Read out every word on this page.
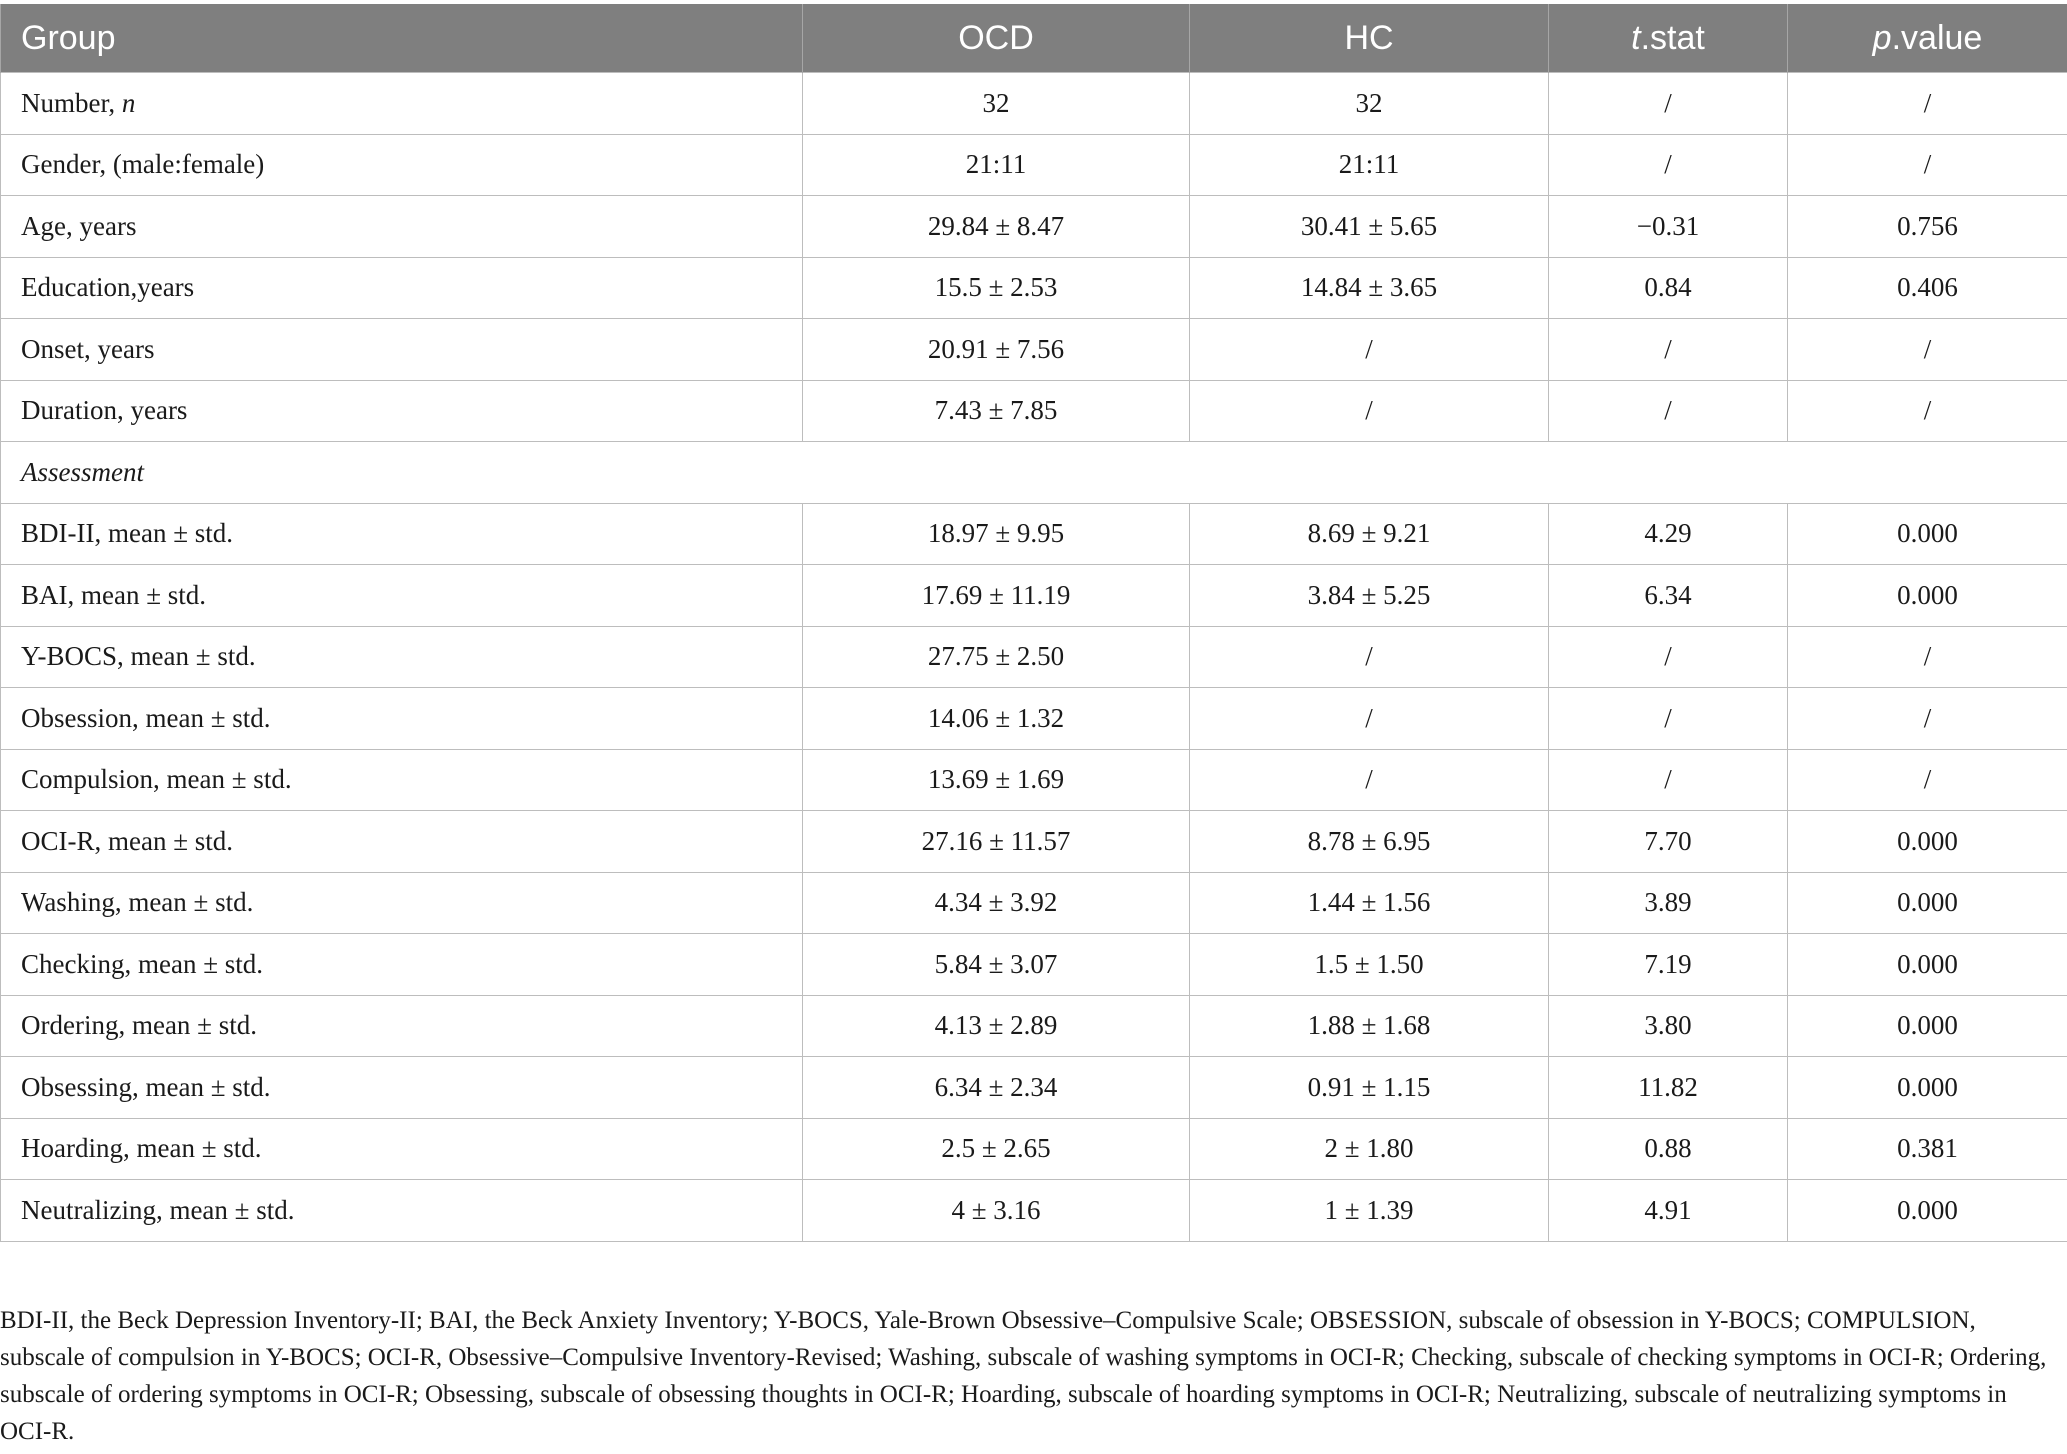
Group	OCD	HC	t.stat	p.value
Number, n	32	32	/	/
Gender, (male:female)	21:11	21:11	/	/
Age, years	29.84 ± 8.47	30.41 ± 5.65	−0.31	0.756
Education,years	15.5 ± 2.53	14.84 ± 3.65	0.84	0.406
Onset, years	20.91 ± 7.56	/	/	/
Duration, years	7.43 ± 7.85	/	/	/
Assessment				
BDI-II, mean ± std.	18.97 ± 9.95	8.69 ± 9.21	4.29	0.000
BAI, mean ± std.	17.69 ± 11.19	3.84 ± 5.25	6.34	0.000
Y-BOCS, mean ± std.	27.75 ± 2.50	/	/	/
Obsession, mean ± std.	14.06 ± 1.32	/	/	/
Compulsion, mean ± std.	13.69 ± 1.69	/	/	/
OCI-R, mean ± std.	27.16 ± 11.57	8.78 ± 6.95	7.70	0.000
Washing, mean ± std.	4.34 ± 3.92	1.44 ± 1.56	3.89	0.000
Checking, mean ± std.	5.84 ± 3.07	1.5 ± 1.50	7.19	0.000
Ordering, mean ± std.	4.13 ± 2.89	1.88 ± 1.68	3.80	0.000
Obsessing, mean ± std.	6.34 ± 2.34	0.91 ± 1.15	11.82	0.000
Hoarding, mean ± std.	2.5 ± 2.65	2 ± 1.80	0.88	0.381
Neutralizing, mean ± std.	4 ± 3.16	1 ± 1.39	4.91	0.000
BDI-II, the Beck Depression Inventory-II; BAI, the Beck Anxiety Inventory; Y-BOCS, Yale-Brown Obsessive–Compulsive Scale; OBSESSION, subscale of obsession in Y-BOCS; COMPULSION, subscale of compulsion in Y-BOCS; OCI-R, Obsessive–Compulsive Inventory-Revised; Washing, subscale of washing symptoms in OCI-R; Checking, subscale of checking symptoms in OCI-R; Ordering, subscale of ordering symptoms in OCI-R; Obsessing, subscale of obsessing thoughts in OCI-R; Hoarding, subscale of hoarding symptoms in OCI-R; Neutralizing, subscale of neutralizing symptoms in OCI-R.
